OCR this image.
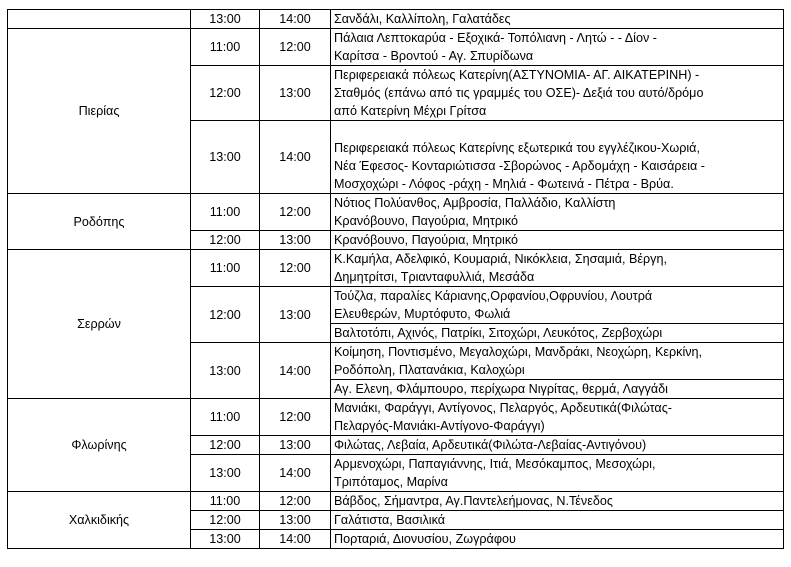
	13:00	14:00	Σανδάλι, Καλλίπολη, Γαλατάδες

Πιερίας	11:00	12:00	Πάλαια Λεπτοκαρύα - Εξοχικά- Τοπόλιανη - Λητώ - - Δίον -
Καρίτσα - Βροντού - Αγ. Σπυρίδωνα

	12:00	13:00	Περιφερειακά πόλεως Κατερίνη(ΑΣΤΥΝΟΜΙΑ- ΑΓ. ΑΙΚΑΤΕΡΙΝΗ) -
Σταθμός (επάνω από τις γραμμές του ΟΣΕ)- Δεξιά του αυτό/δρόμο
από Κατερίνη Μέχρι Γρίτσα

	13:00	14:00	Περιφερειακά πόλεως Κατερίνης εξωτερικά του εγγλέζικου-Χωριά,
Νέα Έφεσος- Κονταριώτισσα -Σβορώνος - Αρδομάχη - Καισάρεια -
Μοσχοχώρι - Λόφος -ράχη - Μηλιά - Φωτεινά - Πέτρα - Βρύα.

Ροδόπης	11:00	12:00	Νότιος Πολύανθος, Αμβροσία, Παλλάδιο, Καλλίστη
Κρανόβουνο, Παγούρια, Μητρικό

	12:00	13:00	Κρανόβουνο, Παγούρια, Μητρικό

Σερρών	11:00	12:00	Κ.Καμήλα, Αδελφικό, Κουμαριά, Νικόκλεια, Σησαμιά, Βέργη,
Δημητρίτσι, Τριανταφυλλιά, Μεσάδα

	12:00	13:00	Τούζλα, παραλίες Κάριανης,Ορφανίου,Οφρυνίου, Λουτρά
Ελευθερών, Μυρτόφυτο, Φωλιά

			Βαλτοτόπι, Αχινός, Πατρίκι, Σιτοχώρι, Λευκότος, Ζερβοχώρι

	13:00	14:00	Κοίμηση, Ποντισμένο, Μεγαλοχώρι, Μανδράκι, Νεοχώρη, Κερκίνη,
Ροδόπολη, Πλατανάκια, Καλοχώρι

			Αγ. Ελενη, Φλάμπουρο, περίχωρα Νιγρίτας, θερμά, Λαγγάδι

Φλωρίνης	11:00	12:00	Μανιάκι, Φαράγγι, Αντίγονος, Πελαργός, Αρδευτικά(Φιλώτας-
Πελαργός-Μανιάκι-Αντίγονο-Φαράγγι)

	12:00	13:00	Φιλώτας, Λεβαία, Αρδευτικά(Φιλώτα-Λεβαίας-Αντιγόνου)

	13:00	14:00	Αρμενοχώρι, Παπαγιάννης, Ιτιά, Μεσόκαμπος, Μεσοχώρι,
Τριπόταμος, Μαρίνα

Χαλκιδικής	11:00	12:00	Βάβδος, Σήμαντρα, Αγ.Παντελεήμονας, Ν.Τένεδος

	12:00	13:00	Γαλάτιστα, Βασιλικά

	13:00	14:00	Πορταριά, Διονυσίου, Ζωγράφου
